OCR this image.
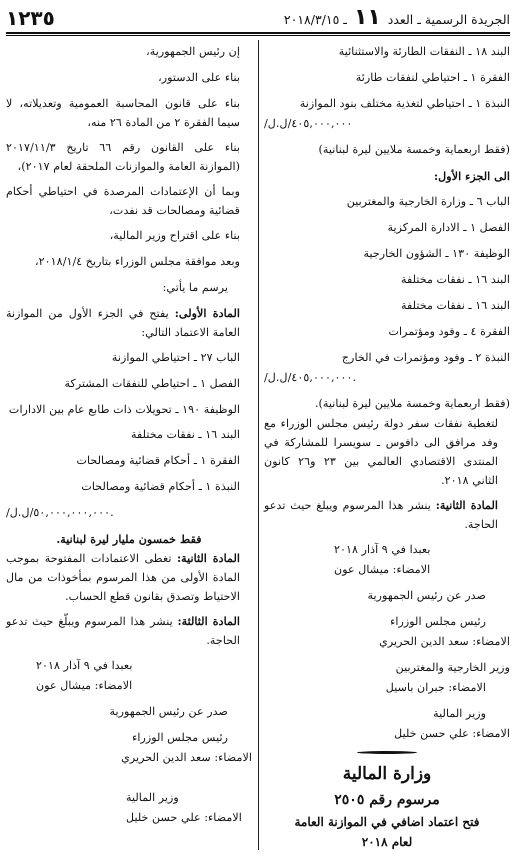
الجريدة الرسمية ـ العدد ١١ ـ ٢٠١٨/٣/١٥
١٢٣٥
البند ١٨ ـ النفقات الطارئة والاستثنائية
الفقرة ١ ـ احتياطي لنفقات طارئة
النبذة ١ ـ احتياطي لتغذية مختلف بنود الموازنة
/٤٠٥,٠٠٠,٠٠٠/ل.ل
(فقط اربعماية وخمسة ملايين ليرة لبنانية)
الى الجزء الأول:
الباب ٦ ـ وزارة الخارجية والمغتربين
الفصل ١ ـ الادارة المركزية
الوظيفة ١٣٠ ـ الشؤون الخارجية
البند ١٦ ـ نفقات مختلفة
البند ١٦ ـ نفقات مختلفة
الفقرة ٤ ـ وفود ومؤتمرات
النبذة ٢ ـ وفود ومؤتمرات في الخارج
/٤٠٥,٠٠٠,٠٠٠/ل.ل.
(فقط اربعماية وخمسة ملايين ليرة لبنانية).
لتغطية نفقات سفر دولة رئيس مجلس الوزراء مع وفد مرافق الى دافوس ـ سويسرا للمشاركة في المنتدى الاقتصادي العالمي بين ٢٣ و٢٦ كانون الثاني ٢٠١٨.
المادة الثانية: ينشر هذا المرسوم ويبلغ حيث تدعو الحاجة.
بعبدا في ٩ آذار ٢٠١٨
الامضاء: ميشال عون
صدر عن رئيس الجمهورية
رئيس مجلس الوزراء
الامضاء: سعد الدين الحريري
وزير الخارجية والمغتربين
الامضاء: جبران باسيل
وزير المالية
الامضاء: علي حسن خليل
وزارة المالية
مرسوم رقم ٢٥٠٥
فتح اعتماد اضافي في الموازنة العامة
لعام ٢٠١٨
إن رئيس الجمهورية،
بناء على الدستور،
بناء على قانون المحاسبة العمومية وتعديلاته، لا سيما الفقرة ٢ من المادة ٢٦ منه،
بناء على القانون رقم ٦٦ تاريخ ٢٠١٧/١١/٣ (الموازنة العامة والموازنات الملحقة لعام ٢٠١٧)،
وبما أن الإعتمادات المرصدة في احتياطي أحكام قضائية ومصالحات قد نفدت،
بناء على اقتراح وزير المالية،
وبعد موافقة مجلس الوزراء بتاريخ ٢٠١٨/١/٤،
يرسم ما يأتي:
المادة الأولى: يفتح في الجزء الأول من الموازنة العامة الاعتماد التالي:
الباب ٢٧ ـ احتياطي الموازنة
الفصل ١ ـ احتياطي للنفقات المشتركة
الوظيفة ١٩٠ ـ تحويلات ذات طابع عام بين الادارات
البند ١٦ ـ نفقات مختلفة
الفقرة ١ ـ أحكام قضائية ومصالحات
النبذة ١ ـ أحكام قضائية ومصالحات
/٥٠,٠٠٠,٠٠٠,٠٠٠/ل.ل.
فقط خمسون مليار ليرة لبنانية.
المادة الثانية: تغطى الاعتمادات المفتوحة بموجب المادة الأولى من هذا المرسوم بمأخوذات من مال الاحتياط وتصدق بقانون قطع الحساب.
المادة الثالثة: ينشر هذا المرسوم ويبلّغ حيث تدعو الحاجة.
بعبدا في ٩ آذار ٢٠١٨
الامضاء: ميشال عون
صدر عن رئيس الجمهورية
رئيس مجلس الوزراء
الامضاء: سعد الدين الحريري
وزير المالية
الامضاء: علي حسن خليل
